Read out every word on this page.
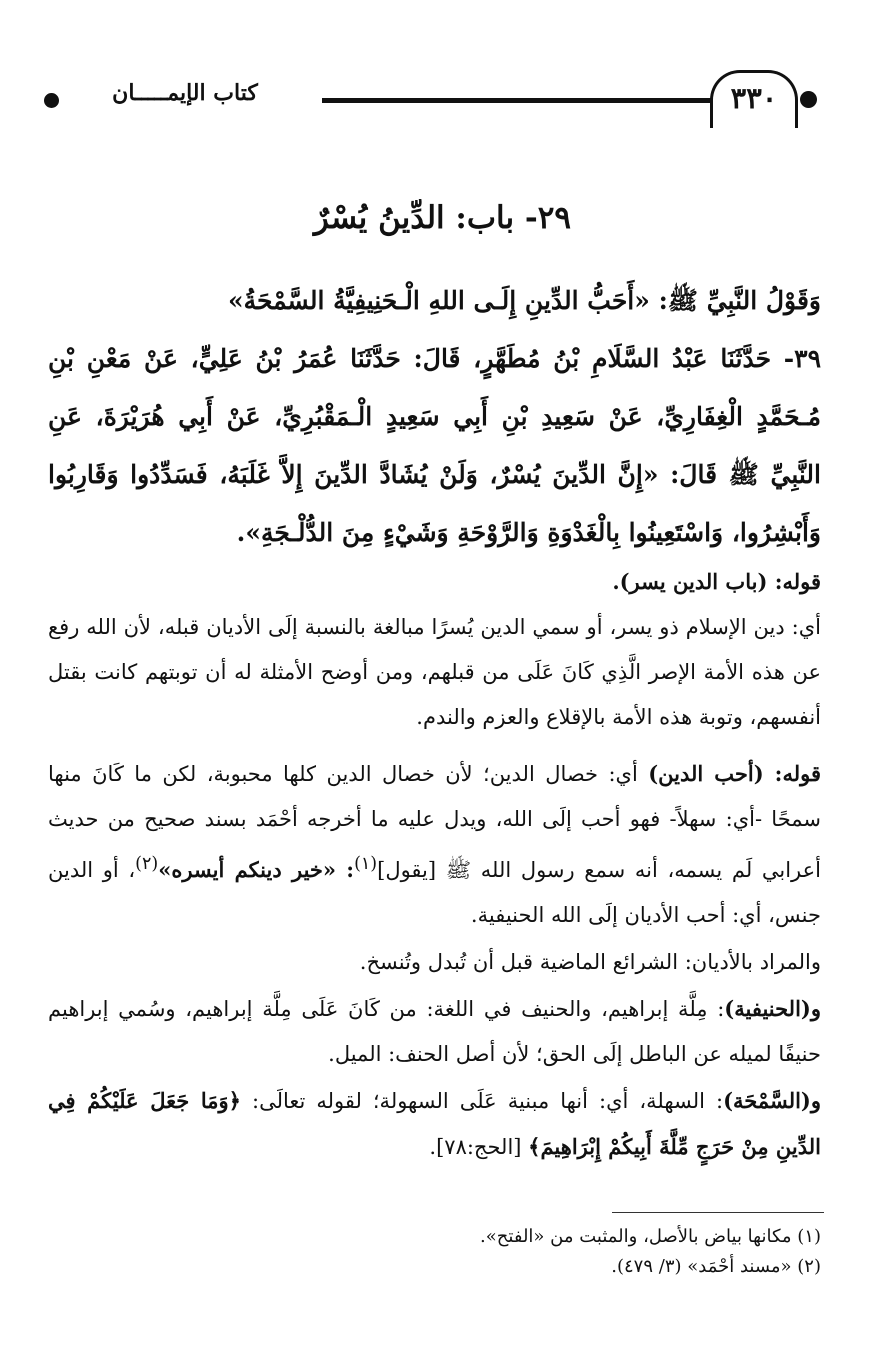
٣٣٠
كتاب الإيمـــــان
٢٩- باب: الدِّينُ يُسْرٌ
وَقَوْلُ النَّبِيِّ ﷺ: «أَحَبُّ الدِّينِ إِلَـى اللهِ الْـحَنِيفِيَّةُ السَّمْحَةُ»
٣٩- حَدَّثَنَا عَبْدُ السَّلَامِ بْنُ مُطَهَّرٍ، قَالَ: حَدَّثَنَا عُمَرُ بْنُ عَلِيٍّ، عَنْ مَعْنِ بْنِ مُـحَمَّدٍ الْغِفَارِيِّ، عَنْ سَعِيدِ بْنِ أَبِي سَعِيدٍ الْـمَقْبُرِيِّ، عَنْ أَبِي هُرَيْرَةَ، عَنِ النَّبِيِّ ﷺ قَالَ: «إِنَّ الدِّينَ يُسْرٌ، وَلَنْ يُشَادَّ الدِّينَ إِلاَّ غَلَبَهُ، فَسَدِّدُوا وَقَارِبُوا وَأَبْشِرُوا، وَاسْتَعِينُوا بِالْغَدْوَةِ وَالرَّوْحَةِ وَشَيْءٍ مِنَ الدُّلْـجَةِ».
قوله: (باب الدين يسر).
أي: دين الإسلام ذو يسر، أو سمي الدين يُسرًا مبالغة بالنسبة إلَى الأديان قبله، لأن الله رفع عن هذه الأمة الإصر الَّذِي كَانَ عَلَى من قبلهم، ومن أوضح الأمثلة له أن توبتهم كانت بقتل أنفسهم، وتوبة هذه الأمة بالإقلاع والعزم والندم.
قوله: (أحب الدين) أي: خصال الدين؛ لأن خصال الدين كلها محبوبة، لكن ما كَانَ منها سمحًا -أي: سهلاً- فهو أحب إلَى الله، ويدل عليه ما أخرجه أحْمَد بسند صحيح من حديث أعرابي لَم يسمه، أنه سمع رسول الله ﷺ [يقول]$^{(١)}$: «خير دينكم أيسره»$^{(٢)}$، أو الدين جنس، أي: أحب الأديان إلَى الله الحنيفية.
والمراد بالأديان: الشرائع الماضية قبل أن تُبدل وتُنسخ.
و(الحنيفية): مِلَّة إبراهيم، والحنيف في اللغة: من كَانَ عَلَى مِلَّة إبراهيم، وسُمي إبراهيم حنيفًا لميله عن الباطل إلَى الحق؛ لأن أصل الحنف: الميل.
و(السَّمْحَة): السهلة، أي: أنها مبنية عَلَى السهولة؛ لقوله تعالَى: ﴿وَمَا جَعَلَ عَلَيْكُمْ فِي الدِّينِ مِنْ حَرَجٍ مِّلَّةَ أَبِيكُمْ إِبْرَاهِيمَ﴾ [الحج:٧٨].
(١) مكانها بياض بالأصل، والمثبت من «الفتح».
(٢) «مسند أحْمَد» (٣/ ٤٧٩).
